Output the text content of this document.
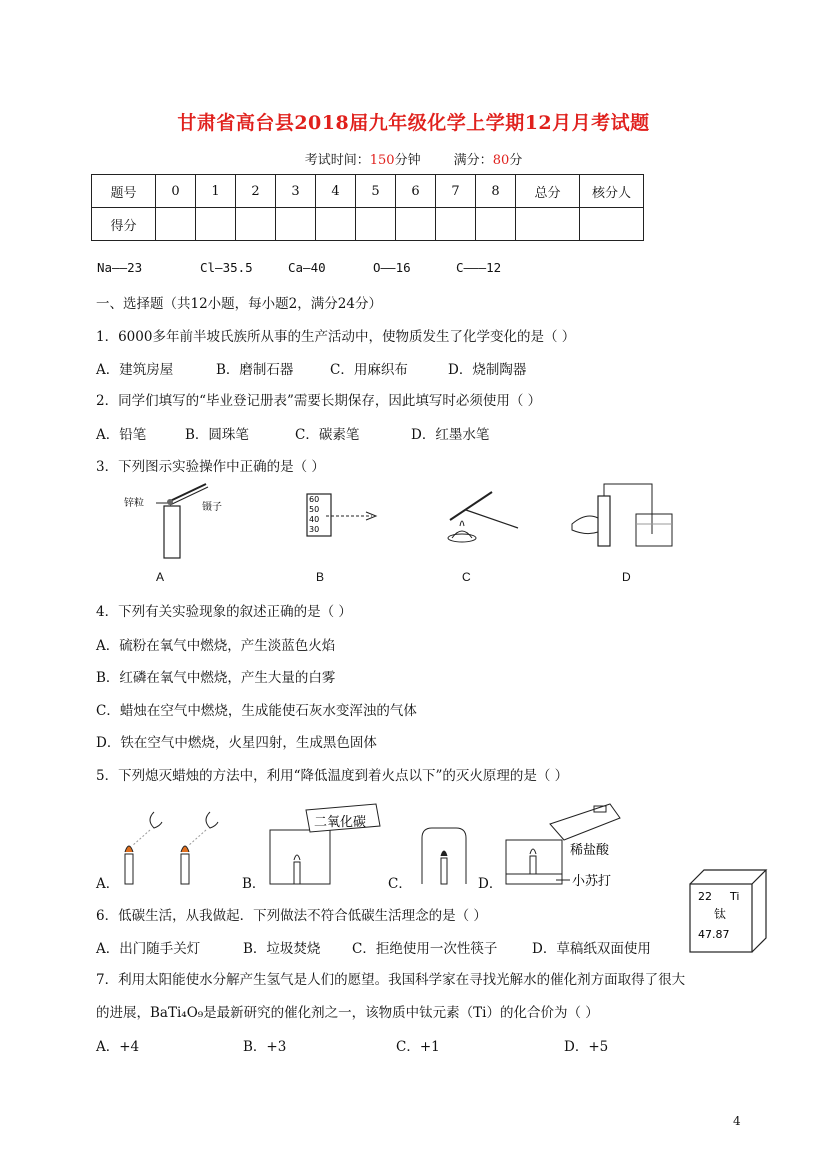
甘肃省高台县2018届九年级化学上学期12月月考试题
考试时间：150分钟	满分：80分
题号	0	1	2	3	4	5	6	7	8	总分	核分人
得分											
Na——23	Cl—35.5	Ca—40	O——16	C———12
一、选择题（共12小题，每小题2，满分24分）
1．6000多年前半坡氏族所从事的生产活动中，使物质发生了化学变化的是（ ）
A．建筑房屋	B．磨制石器	C．用麻织布	D．烧制陶器
2．同学们填写的“毕业登记册表”需要长期保存，因此填写时必须使用（ ）
A．铅笔	B．圆珠笔	C．碳素笔	D．红墨水笔
3．下列图示实验操作中正确的是（ ）
锌粒	镊子
60
50
40
30
A	B	C	D
4．下列有关实验现象的叙述正确的是（ ）
A．硫粉在氧气中燃烧，产生淡蓝色火焰
B．红磷在氧气中燃烧，产生大量的白雾
C．蜡烛在空气中燃烧，生成能使石灰水变浑浊的气体
D．铁在空气中燃烧，火星四射，生成黑色固体
5．下列熄灭蜡烛的方法中，利用“降低温度到着火点以下”的灭火原理的是（ ）
二氧化碳
稀盐酸
小苏打
A．	B．	C．	D．
22 Ti
钛
47.87
6．低碳生活，从我做起．下列做法不符合低碳生活理念的是（ ）
A．出门随手关灯	B．垃圾焚烧 C．拒绝使用一次性筷子	D．草稿纸双面使用
7．利用太阳能使水分解产生氢气是人们的愿望。我国科学家在寻找光解水的催化剂方面取得了很大
的进展，BaTi₄O₉是最新研究的催化剂之一，该物质中钛元素（Ti）的化合价为（ ）
A．+4	B．+3	C．+1	D．+5
4
